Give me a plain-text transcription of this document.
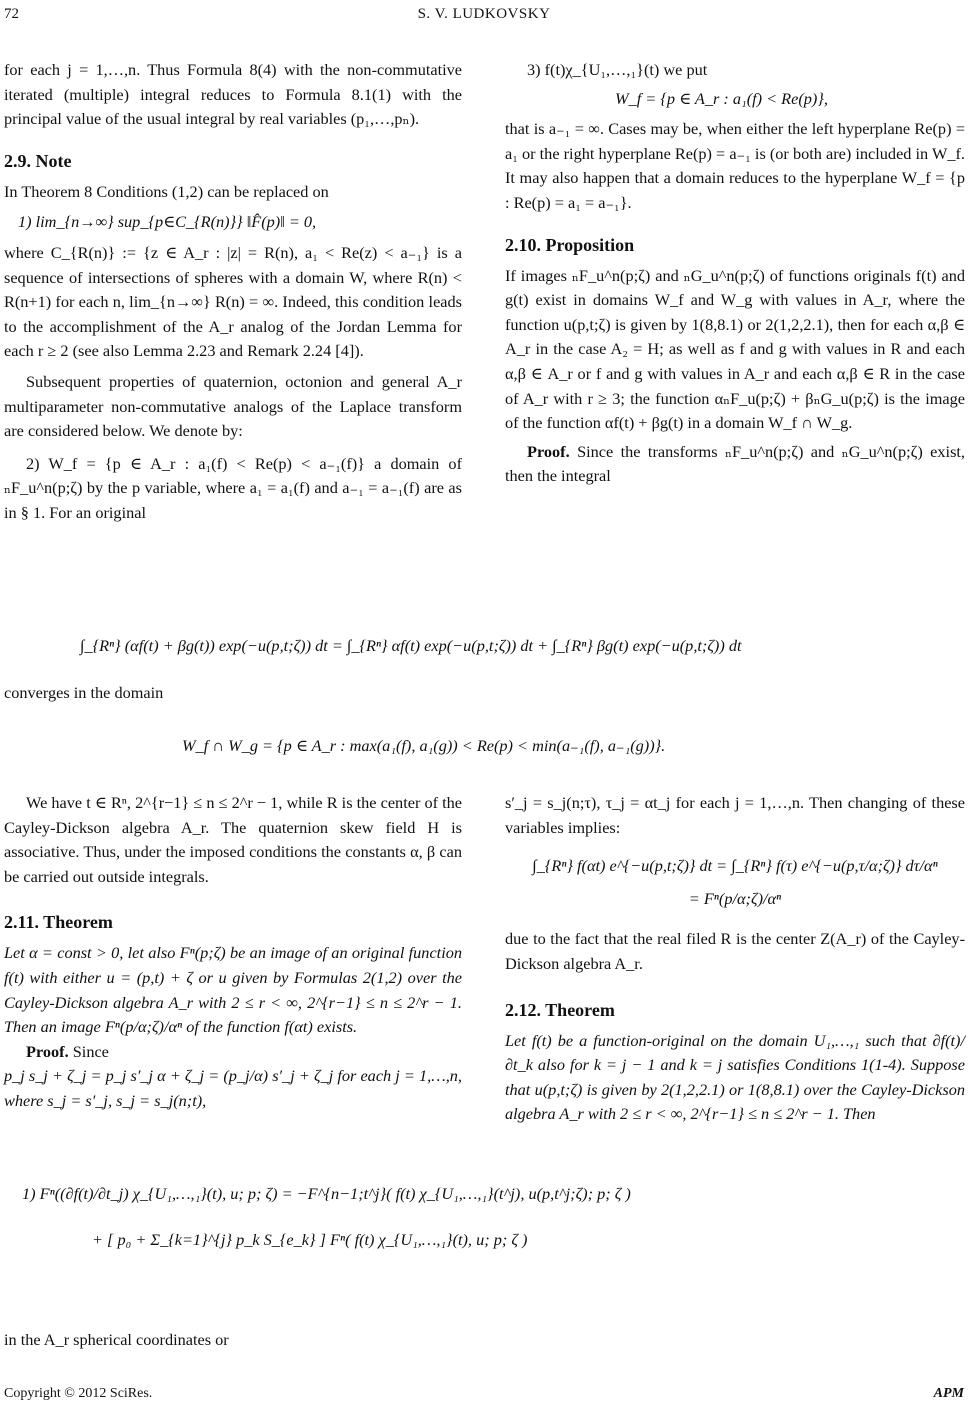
72	S. V. LUDKOVSKY

for each j = 1,…,n. Thus Formula 8(4) with the non-commutative iterated (multiple) integral reduces to Formula 8.1(1) with the principal value of the usual integral by real variables (p₁,…,pₙ).

2.9. Note

In Theorem 8 Conditions (1,2) can be replaced on

1) lim_{n→∞} sup_{p∈C_{R(n)}} ‖F̂(p)‖ = 0,

where C_{R(n)} := {z ∈ A_r : |z| = R(n), a₁ < Re(z) < a₋₁} is a sequence of intersections of spheres with a domain W, where R(n) < R(n+1) for each n, lim_{n→∞} R(n) = ∞. Indeed, this condition leads to the accomplishment of the A_r analog of the Jordan Lemma for each r ≥ 2 (see also Lemma 2.23 and Remark 2.24 [4]).

Subsequent properties of quaternion, octonion and general A_r multiparameter non-commutative analogs of the Laplace transform are considered below. We denote by:

2) W_f = {p ∈ A_r : a₁(f) < Re(p) < a₋₁(f)} a domain of ₙF_u^n(p;ζ) by the p variable, where a₁ = a₁(f) and a₋₁ = a₋₁(f) are as in § 1. For an original

3) f(t)χ_{U₁,…,₁}(t) we put

W_f = {p ∈ A_r : a₁(f) < Re(p)},

that is a₋₁ = ∞. Cases may be, when either the left hyperplane Re(p) = a₁ or the right hyperplane Re(p) = a₋₁ is (or both are) included in W_f. It may also happen that a domain reduces to the hyperplane W_f = {p : Re(p) = a₁ = a₋₁}.

2.10. Proposition

If images ₙF_u^n(p;ζ) and ₙG_u^n(p;ζ) of functions originals f(t) and g(t) exist in domains W_f and W_g with values in A_r, where the function u(p,t;ζ) is given by 1(8,8.1) or 2(1,2,2.1), then for each α,β ∈ A_r in the case A₂ = H; as well as f and g with values in R and each α,β ∈ A_r or f and g with values in A_r and each α,β ∈ R in the case of A_r with r ≥ 3; the function αₙF_u(p;ζ) + βₙG_u(p;ζ) is the image of the function αf(t) + βg(t) in a domain W_f ∩ W_g.

Proof. Since the transforms ₙF_u^n(p;ζ) and ₙG_u^n(p;ζ) exist, then the integral

∫_{Rⁿ} (αf(t) + βg(t)) exp(−u(p,t;ζ)) dt = ∫_{Rⁿ} αf(t) exp(−u(p,t;ζ)) dt + ∫_{Rⁿ} βg(t) exp(−u(p,t;ζ)) dt
converges in the domain
W_f ∩ W_g = {p ∈ A_r : max(a₁(f), a₁(g)) < Re(p) < min(a₋₁(f), a₋₁(g))}.

We have t ∈ Rⁿ, 2^{r−1} ≤ n ≤ 2^r − 1, while R is the center of the Cayley-Dickson algebra A_r. The quaternion skew field H is associative. Thus, under the imposed conditions the constants α, β can be carried out outside integrals.

2.11. Theorem

Let α = const > 0, let also Fⁿ(p;ζ) be an image of an original function f(t) with either u = (p,t) + ζ or u given by Formulas 2(1,2) over the Cayley-Dickson algebra A_r with 2 ≤ r < ∞, 2^{r−1} ≤ n ≤ 2^r − 1. Then an image Fⁿ(p/α;ζ)/αⁿ of the function f(αt) exists.

Proof. Since

p_j s_j + ζ_j = p_j s′_j α + ζ_j = (p_j/α) s′_j + ζ_j for each j = 1,…,n, where s_j = s′_j, s_j = s_j(n;t),

s′_j = s_j(n;τ), τ_j = αt_j for each j = 1,…,n. Then changing of these variables implies:

∫_{Rⁿ} f(αt) e^{−u(p,t;ζ)} dt = ∫_{Rⁿ} f(τ) e^{−u(p,τ/α;ζ)} dτ/αⁿ

= Fⁿ(p/α;ζ)/αⁿ

due to the fact that the real filed R is the center Z(A_r) of the Cayley-Dickson algebra A_r.

2.12. Theorem

Let f(t) be a function-original on the domain U₁,…,₁ such that ∂f(t)/∂t_k also for k = j − 1 and k = j satisfies Conditions 1(1-4). Suppose that u(p,t;ζ) is given by 2(1,2,2.1) or 1(8,8.1) over the Cayley-Dickson algebra A_r with 2 ≤ r < ∞, 2^{r−1} ≤ n ≤ 2^r − 1. Then

1) Fⁿ((∂f(t)/∂t_j) χ_{U₁,…,₁}(t), u; p; ζ) = −F^{n−1;t^j}( f(t) χ_{U₁,…,₁}(t^j), u(p,t^j;ζ); p; ζ )
+ [ p₀ + Σ_{k=1}^{j} p_k S_{e_k} ] Fⁿ( f(t) χ_{U₁,…,₁}(t), u; p; ζ )
in the A_r spherical coordinates or
Copyright © 2012 SciRes.	APM
